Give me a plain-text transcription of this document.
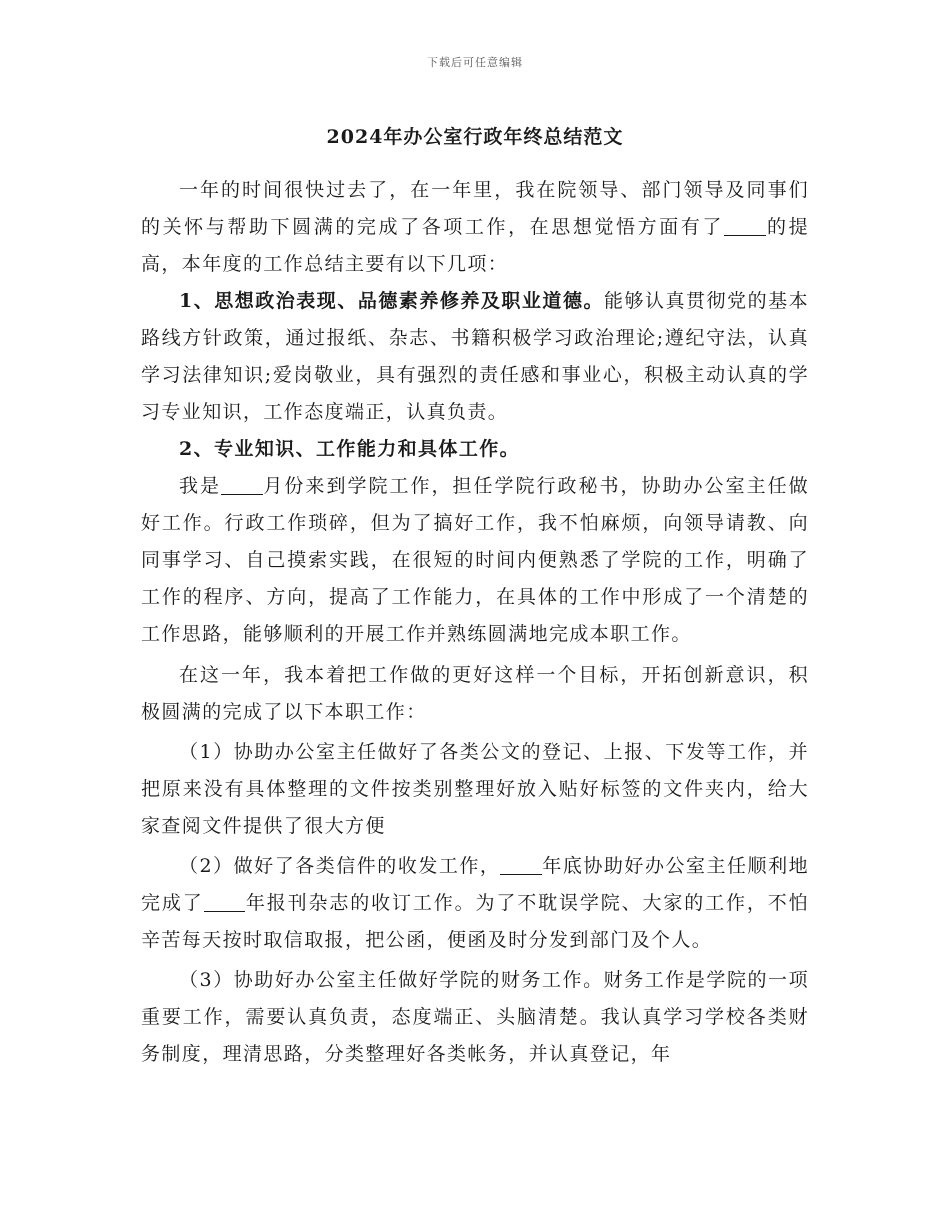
下载后可任意编辑
2024年办公室行政年终总结范文

一年的时间很快过去了，在一年里，我在院领导、部门领导及同事们的关怀与帮助下圆满的完成了各项工作，在思想觉悟方面有了 的提高，本年度的工作总结主要有以下几项：

1、思想政治表现、品德素养修养及职业道德。能够认真贯彻党的基本路线方针政策，通过报纸、杂志、书籍积极学习政治理论;遵纪守法，认真学习法律知识;爱岗敬业，具有强烈的责任感和事业心，积极主动认真的学习专业知识，工作态度端正，认真负责。

2、专业知识、工作能力和具体工作。

我是 月份来到学院工作，担任学院行政秘书，协助办公室主任做好工作。行政工作琐碎，但为了搞好工作，我不怕麻烦，向领导请教、向同事学习、自己摸索实践，在很短的时间内便熟悉了学院的工作，明确了工作的程序、方向，提高了工作能力，在具体的工作中形成了一个清楚的工作思路，能够顺利的开展工作并熟练圆满地完成本职工作。

在这一年，我本着把工作做的更好这样一个目标，开拓创新意识，积极圆满的完成了以下本职工作：

（1）协助办公室主任做好了各类公文的登记、上报、下发等工作，并把原来没有具体整理的文件按类别整理好放入贴好标签的文件夹内，给大家查阅文件提供了很大方便

（2）做好了各类信件的收发工作， 年底协助好办公室主任顺利地完成了 年报刊杂志的收订工作。为了不耽误学院、大家的工作，不怕辛苦每天按时取信取报，把公函，便函及时分发到部门及个人。

（3）协助好办公室主任做好学院的财务工作。财务工作是学院的一项重要工作，需要认真负责，态度端正、头脑清楚。我认真学习学校各类财务制度，理清思路，分类整理好各类帐务，并认真登记，年
